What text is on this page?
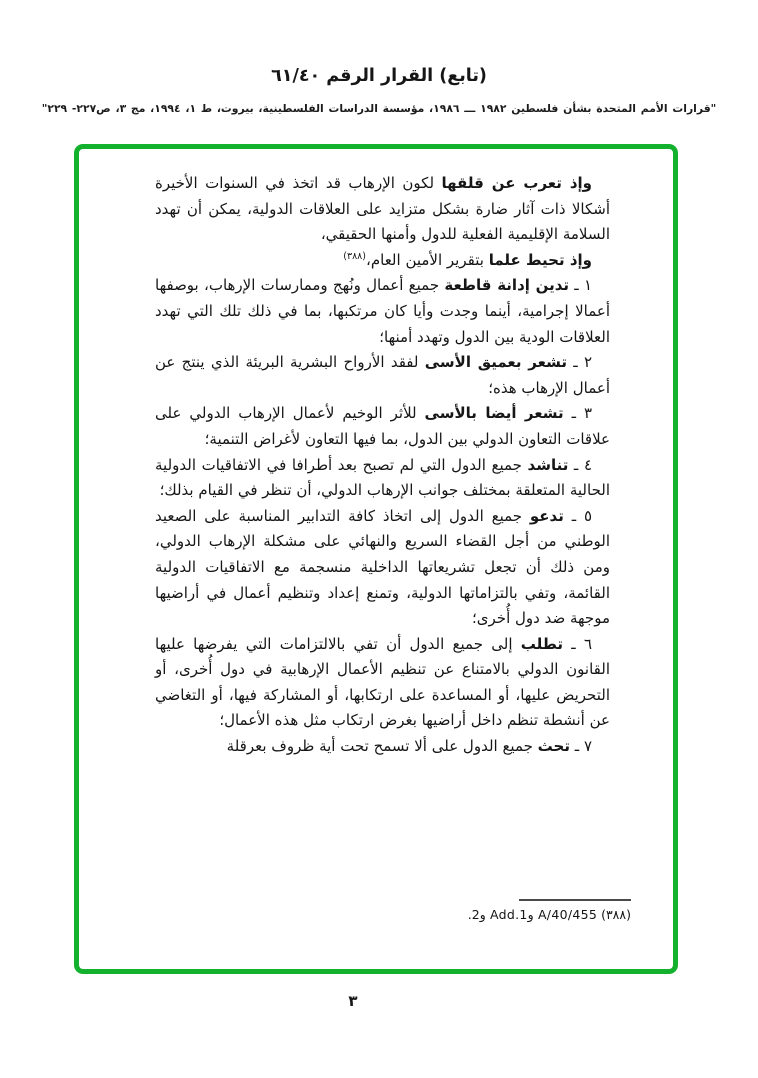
(تابع) القرار الرقم ٦١/٤٠
"قرارات الأمم المتحدة بشأن فلسطين ١٩٨٢ ـــ ١٩٨٦، مؤسسة الدراسات الفلسطينية، بيروت، ط ١، ١٩٩٤، مج ٣، ص٢٢٧- ٢٢٩"

وإذ تعرب عن قلقها لكون الإرهاب قد اتخذ في السنوات الأخيرة أشكالا ذات آثار ضارة بشكل متزايد على العلاقات الدولية، يمكن أن تهدد السلامة الإقليمية الفعلية للدول وأمنها الحقيقي،

وإذ تحيط علما بتقرير الأمين العام،$^{(٣٨٨)}$

١ ـ تدين إدانة قاطعة جميع أعمال ونُهج وممارسات الإرهاب، بوصفها أعمالا إجرامية، أينما وجدت وأيا كان مرتكبها، بما في ذلك تلك التي تهدد العلاقات الودية بين الدول وتهدد أمنها؛

٢ ـ تشعر بعميق الأسى لفقد الأرواح البشرية البريئة الذي ينتج عن أعمال الإرهاب هذه؛

٣ ـ تشعر أيضا بالأسى للأثر الوخيم لأعمال الإرهاب الدولي على علاقات التعاون الدولي بين الدول، بما فيها التعاون لأغراض التنمية؛

٤ ـ تناشد جميع الدول التي لم تصبح بعد أطرافا في الاتفاقيات الدولية الحالية المتعلقة بمختلف جوانب الإرهاب الدولي، أن تنظر في القيام بذلك؛

٥ ـ تدعو جميع الدول إلى اتخاذ كافة التدابير المناسبة على الصعيد الوطني من أجل القضاء السريع والنهائي على مشكلة الإرهاب الدولي، ومن ذلك أن تجعل تشريعاتها الداخلية منسجمة مع الاتفاقيات الدولية القائمة، وتفي بالتزاماتها الدولية، وتمنع إعداد وتنظيم أعمال في أراضيها موجهة ضد دول أُخرى؛

٦ ـ تطلب إلى جميع الدول أن تفي بالالتزامات التي يفرضها عليها القانون الدولي بالامتناع عن تنظيم الأعمال الإرهابية في دول أُخرى، أو التحريض عليها، أو المساعدة على ارتكابها، أو المشاركة فيها، أو التغاضي عن أنشطة تنظم داخل أراضيها بغرض ارتكاب مثل هذه الأعمال؛

٧ ـ تحث جميع الدول على ألا تسمح تحت أية ظروف بعرقلة

(٣٨٨) A/40/455 وAdd.1 و2.
٣
